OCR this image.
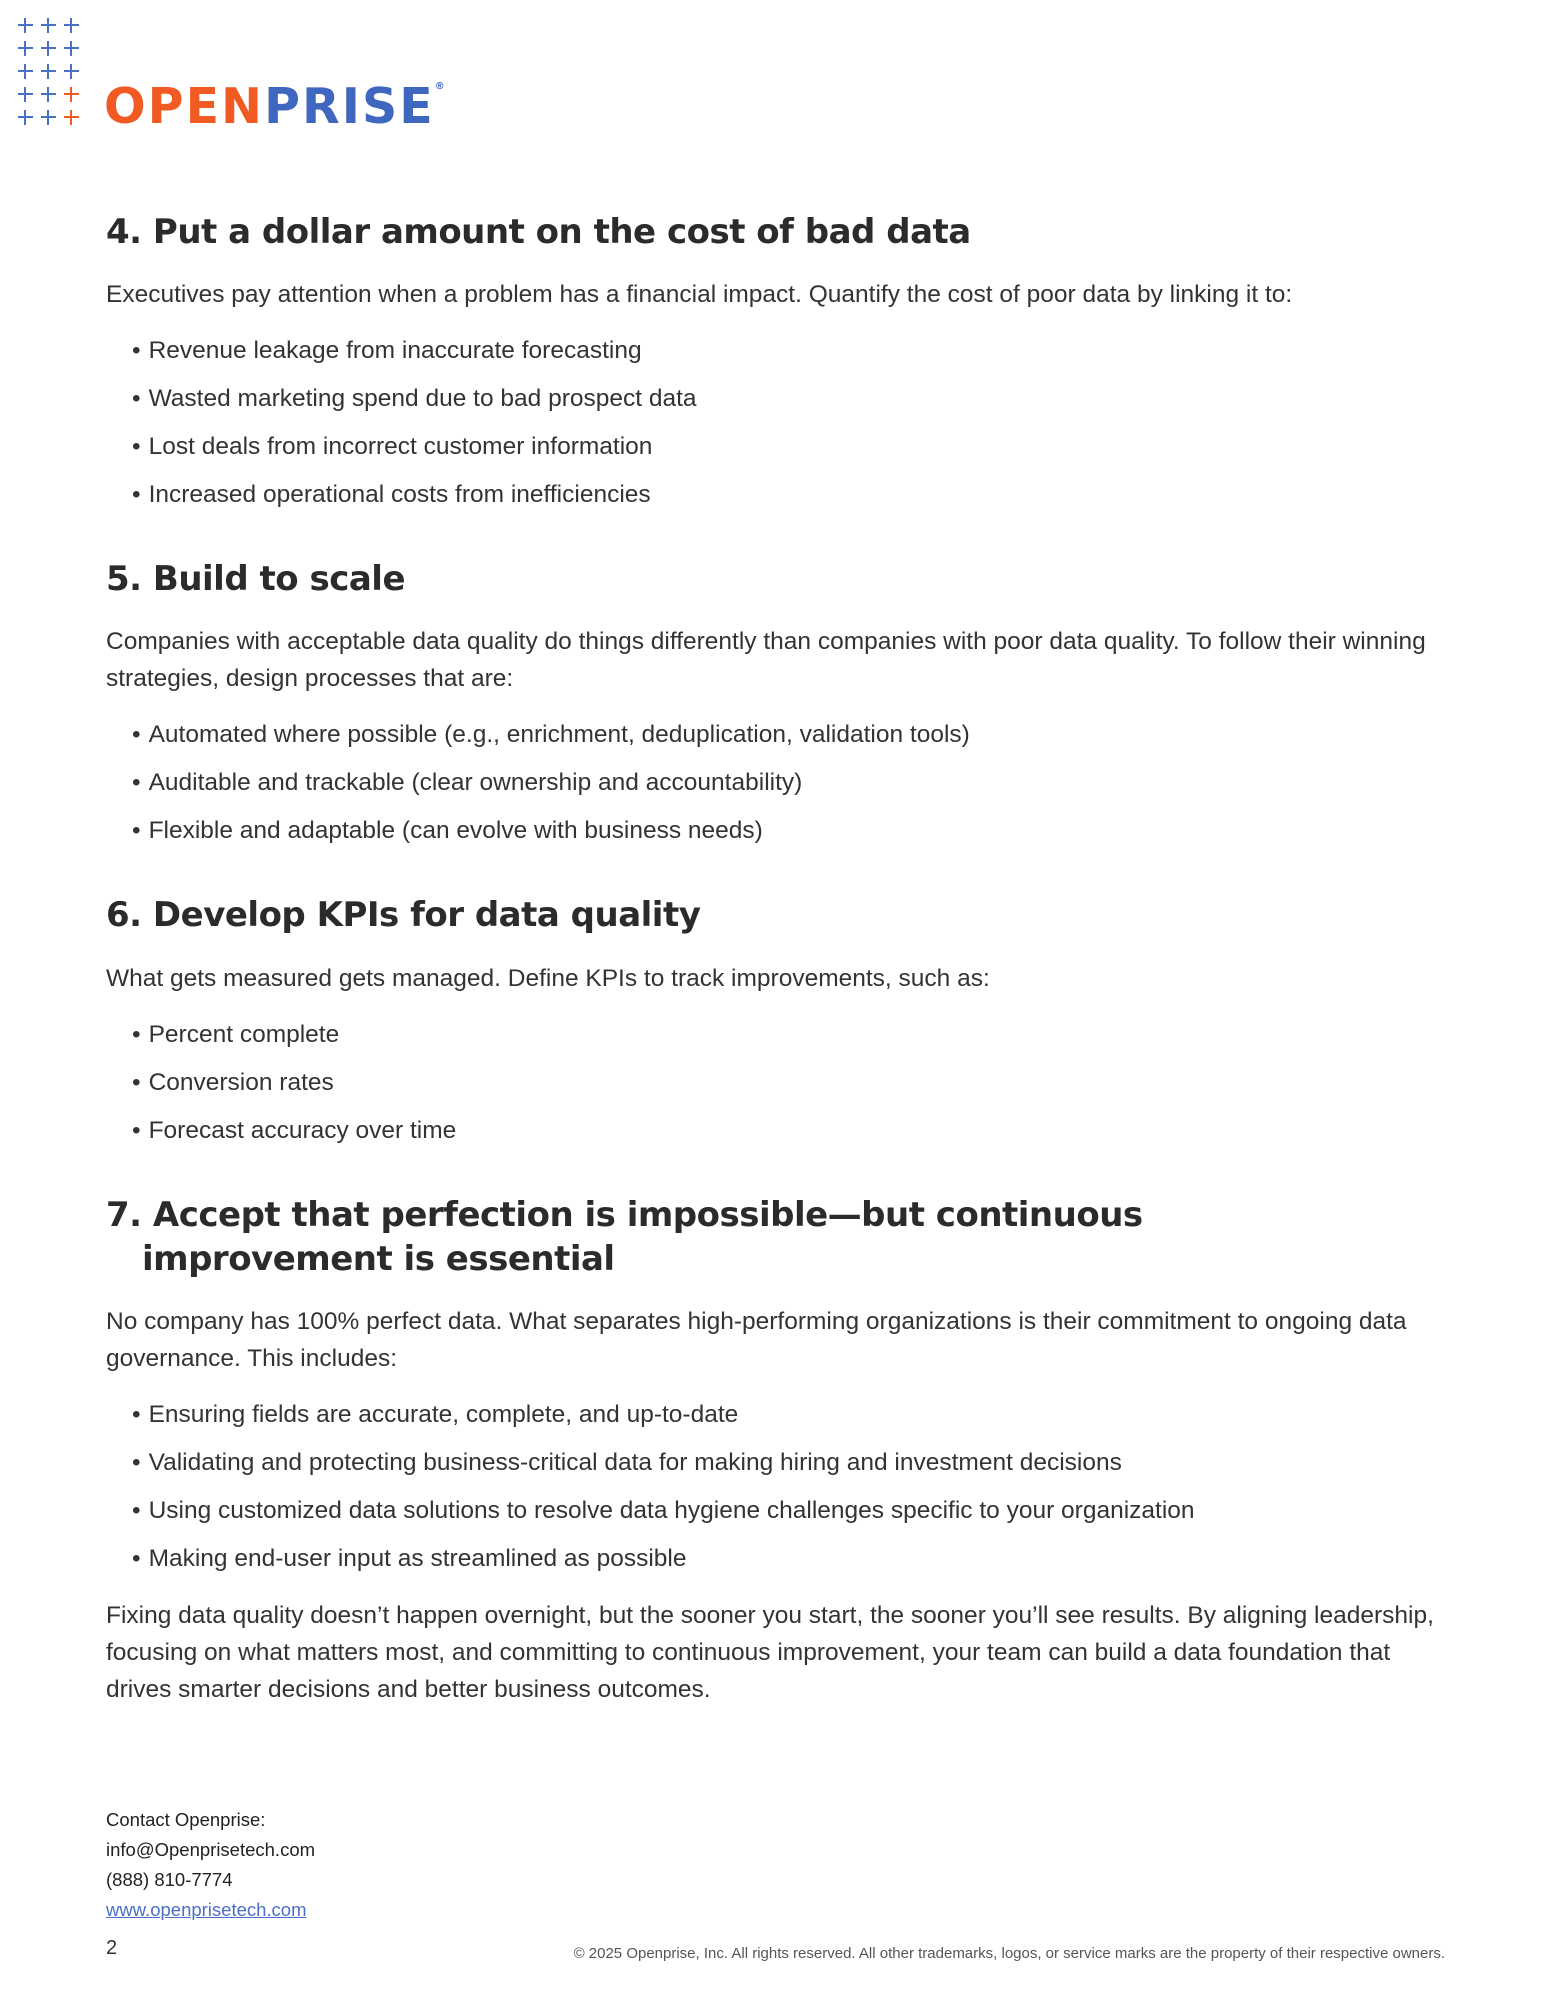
OPENPRISE®
4. Put a dollar amount on the cost of bad data

Executives pay attention when a problem has a financial impact. Quantify the cost of poor data by linking it to:

• Revenue leakage from inaccurate forecasting
• Wasted marketing spend due to bad prospect data
• Lost deals from incorrect customer information
• Increased operational costs from inefficiencies
5. Build to scale

Companies with acceptable data quality do things differently than companies with poor data quality. To follow their winning strategies, design processes that are:

• Automated where possible (e.g., enrichment, deduplication, validation tools)
• Auditable and trackable (clear ownership and accountability)
• Flexible and adaptable (can evolve with business needs)
6. Develop KPIs for data quality

What gets measured gets managed. Define KPIs to track improvements, such as:

• Percent complete
• Conversion rates
• Forecast accuracy over time
7. Accept that perfection is impossible—but continuous
improvement is essential

No company has 100% perfect data. What separates high-performing organizations is their commitment to ongoing data governance. This includes:

• Ensuring fields are accurate, complete, and up-to-date
• Validating and protecting business-critical data for making hiring and investment decisions
• Using customized data solutions to resolve data hygiene challenges specific to your organization
• Making end-user input as streamlined as possible

Fixing data quality doesn’t happen overnight, but the sooner you start, the sooner you’ll see results. By aligning leadership, focusing on what matters most, and committing to continuous improvement, your team can build a data foundation that drives smarter decisions and better business outcomes.

Contact Openprise:
info@Openprisetech.com
(888) 810-7774
www.openprisetech.com
2	© 2025 Openprise, Inc. All rights reserved. All other trademarks, logos, or service marks are the property of their respective owners.
